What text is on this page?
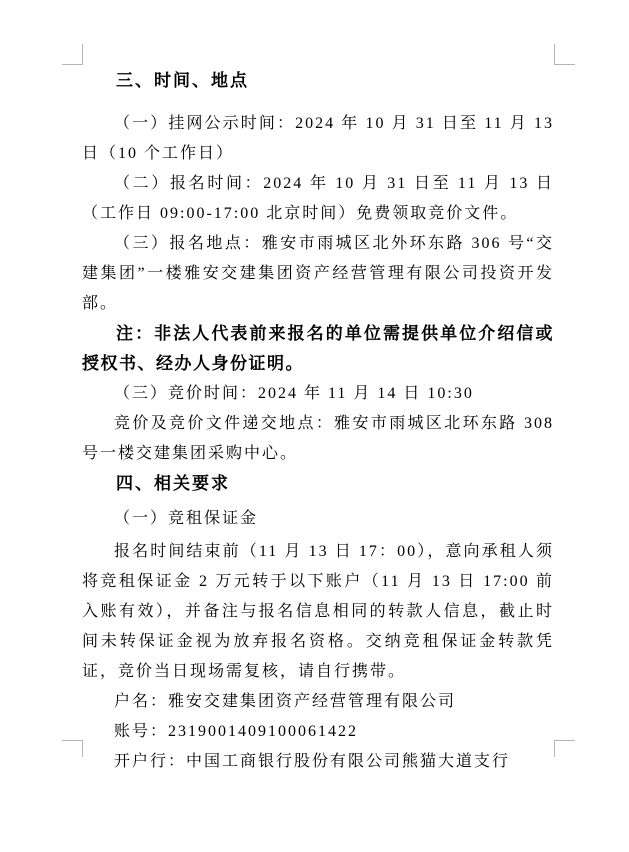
三、时间、地点

（一）挂网公示时间：2024 年 10 月 31 日至 11 月 13 日（10 个工作日）

（二）报名时间：2024 年 10 月 31 日至 11 月 13 日（工作日 09:00-17:00 北京时间）免费领取竞价文件。

（三）报名地点：雅安市雨城区北外环东路 306 号“交建集团”一楼雅安交建集团资产经营管理有限公司投资开发部。

注：非法人代表前来报名的单位需提供单位介绍信或授权书、经办人身份证明。

（三）竞价时间：2024 年 11 月 14 日 10:30

竞价及竞价文件递交地点：雅安市雨城区北环东路 308 号一楼交建集团采购中心。

四、相关要求

（一）竞租保证金

报名时间结束前（11 月 13 日 17：00），意向承租人须将竞租保证金 2 万元转于以下账户（11 月 13 日 17:00 前入账有效），并备注与报名信息相同的转款人信息，截止时间未转保证金视为放弃报名资格。交纳竞租保证金转款凭证，竞价当日现场需复核，请自行携带。

户名：雅安交建集团资产经营管理有限公司

账号：2319001409100061422

开户行：中国工商银行股份有限公司熊猫大道支行
